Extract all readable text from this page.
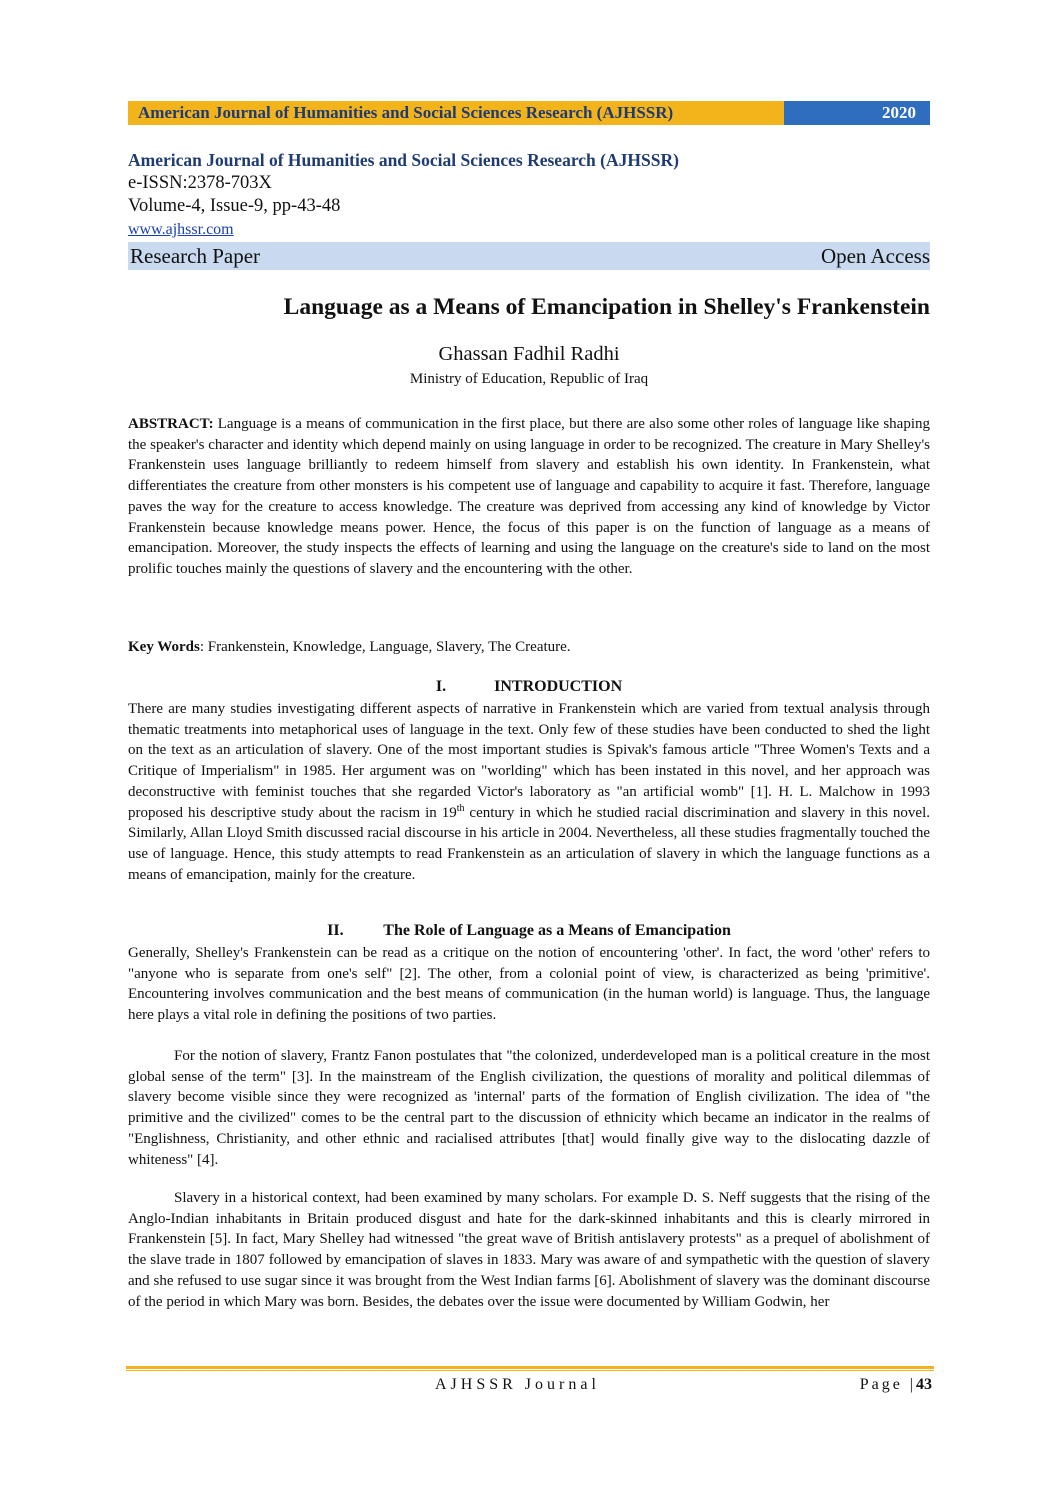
American Journal of Humanities and Social Sciences Research (AJHSSR)	2020
American Journal of Humanities and Social Sciences Research (AJHSSR)
e-ISSN:2378-703X
Volume-4, Issue-9, pp-43-48
www.ajhssr.com
Research Paper	Open Access
Language as a Means of Emancipation in Shelley's Frankenstein
Ghassan Fadhil Radhi
Ministry of Education, Republic of Iraq

ABSTRACT: Language is a means of communication in the first place, but there are also some other roles of language like shaping the speaker's character and identity which depend mainly on using language in order to be recognized. The creature in Mary Shelley's Frankenstein uses language brilliantly to redeem himself from slavery and establish his own identity. In Frankenstein, what differentiates the creature from other monsters is his competent use of language and capability to acquire it fast. Therefore, language paves the way for the creature to access knowledge. The creature was deprived from accessing any kind of knowledge by Victor Frankenstein because knowledge means power. Hence, the focus of this paper is on the function of language as a means of emancipation. Moreover, the study inspects the effects of learning and using the language on the creature's side to land on the most prolific touches mainly the questions of slavery and the encountering with the other.

Key Words: Frankenstein, Knowledge, Language, Slavery, The Creature.
I.	INTRODUCTION

There are many studies investigating different aspects of narrative in Frankenstein which are varied from textual analysis through thematic treatments into metaphorical uses of language in the text. Only few of these studies have been conducted to shed the light on the text as an articulation of slavery. One of the most important studies is Spivak's famous article "Three Women's Texts and a Critique of Imperialism" in 1985. Her argument was on "worlding" which has been instated in this novel, and her approach was deconstructive with feminist touches that she regarded Victor's laboratory as "an artificial womb" [1]. H. L. Malchow in 1993 proposed his descriptive study about the racism in 19th century in which he studied racial discrimination and slavery in this novel. Similarly, Allan Lloyd Smith discussed racial discourse in his article in 2004. Nevertheless, all these studies fragmentally touched the use of language. Hence, this study attempts to read Frankenstein as an articulation of slavery in which the language functions as a means of emancipation, mainly for the creature.

II. The Role of Language as a Means of Emancipation

Generally, Shelley's Frankenstein can be read as a critique on the notion of encountering 'other'. In fact, the word 'other' refers to "anyone who is separate from one's self" [2]. The other, from a colonial point of view, is characterized as being 'primitive'. Encountering involves communication and the best means of communication (in the human world) is language. Thus, the language here plays a vital role in defining the positions of two parties.

For the notion of slavery, Frantz Fanon postulates that "the colonized, underdeveloped man is a political creature in the most global sense of the term" [3]. In the mainstream of the English civilization, the questions of morality and political dilemmas of slavery become visible since they were recognized as 'internal' parts of the formation of English civilization. The idea of "the primitive and the civilized" comes to be the central part to the discussion of ethnicity which became an indicator in the realms of "Englishness, Christianity, and other ethnic and racialised attributes [that] would finally give way to the dislocating dazzle of whiteness" [4].

Slavery in a historical context, had been examined by many scholars. For example D. S. Neff suggests that the rising of the Anglo-Indian inhabitants in Britain produced disgust and hate for the dark-skinned inhabitants and this is clearly mirrored in Frankenstein [5]. In fact, Mary Shelley had witnessed "the great wave of British antislavery protests" as a prequel of abolishment of the slave trade in 1807 followed by emancipation of slaves in 1833. Mary was aware of and sympathetic with the question of slavery and she refused to use sugar since it was brought from the West Indian farms [6]. Abolishment of slavery was the dominant discourse of the period in which Mary was born. Besides, the debates over the issue were documented by William Godwin, her

AJHSSR Journal	Page |43
